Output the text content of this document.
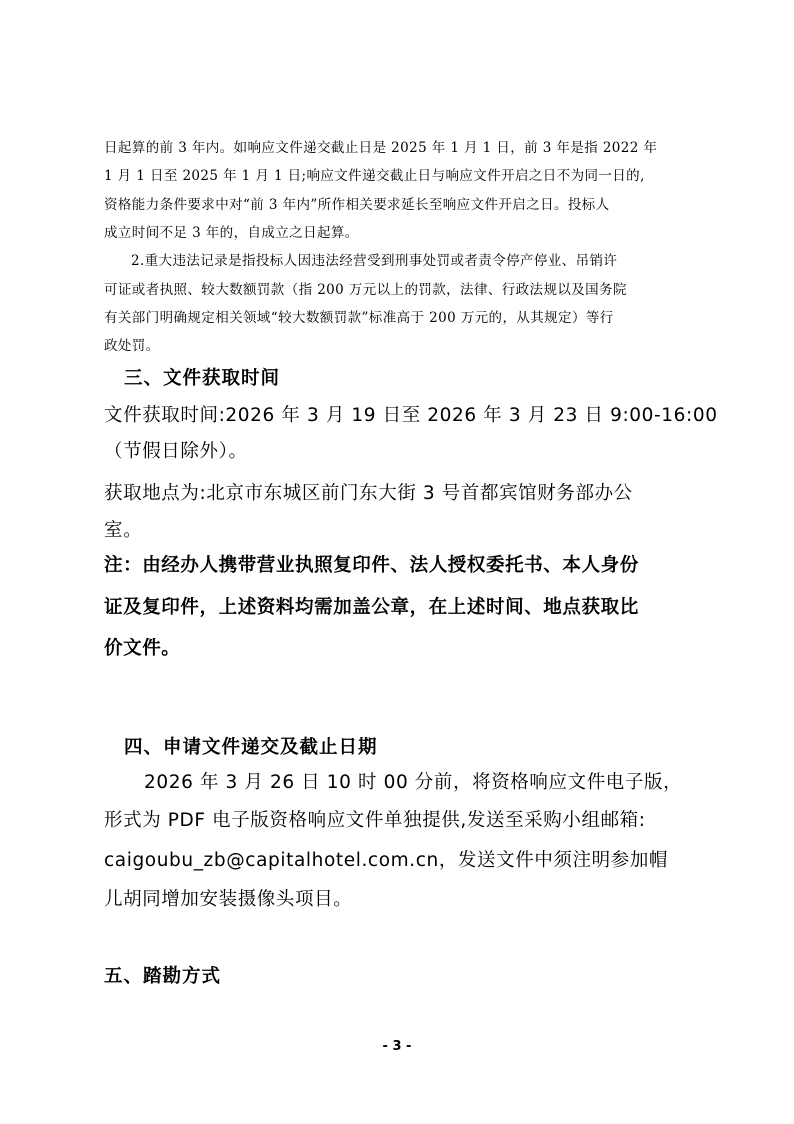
日起算的前 3 年内。如响应文件递交截止日是 2025 年 1 月 1 日，前 3 年是指 2022 年
1 月 1 日至 2025 年 1 月 1 日;响应文件递交截止日与响应文件开启之日不为同一日的,
资格能力条件要求中对“前 3 年内”所作相关要求延长至响应文件开启之日。投标人
成立时间不足 3 年的，自成立之日起算。
2.重大违法记录是指投标人因违法经营受到刑事处罚或者责令停产停业、吊销许
可证或者执照、较大数额罚款（指 200 万元以上的罚款，法律、行政法规以及国务院
有关部门明确规定相关领域“较大数额罚款”标准高于 200 万元的，从其规定）等行
政处罚。
三、文件获取时间
文件获取时间:2026 年 3 月 19 日至 2026 年 3 月 23 日 9:00-16:00
（节假日除外）。
获取地点为:北京市东城区前门东大街 3 号首都宾馆财务部办公
室。
注：由经办人携带营业执照复印件、法人授权委托书、本人身份
证及复印件，上述资料均需加盖公章，在上述时间、地点获取比
价文件。
四、申请文件递交及截止日期
2026 年 3 月 26 日 10 时 00 分前，将资格响应文件电子版，
形式为 PDF 电子版资格响应文件单独提供,发送至采购小组邮箱:
caigoubu_zb@capitalhotel.com.cn，发送文件中须注明参加帽
儿胡同增加安装摄像头项目。
五、踏勘方式
- 3 -
